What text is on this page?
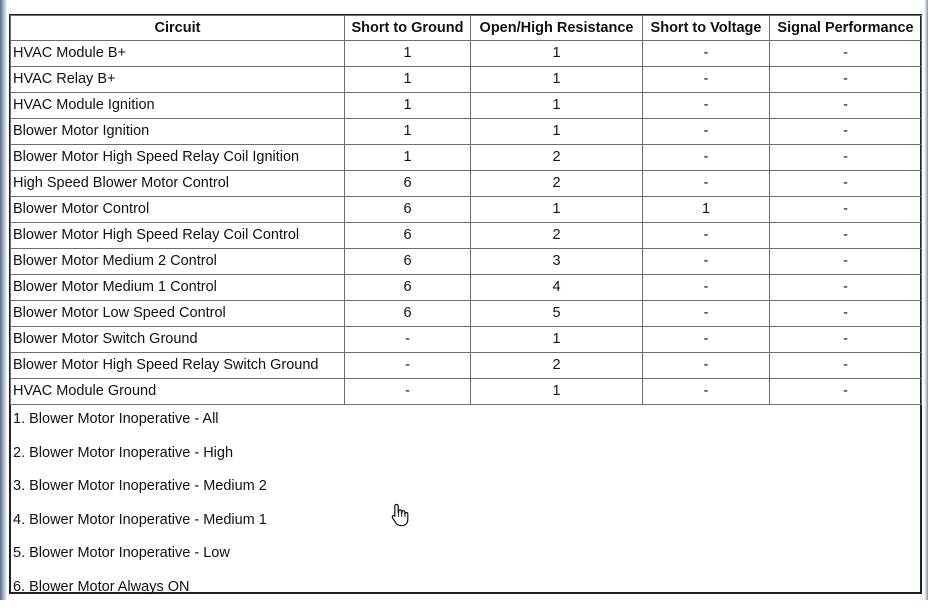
Circuit	Short to Ground	Open/High Resistance	Short to Voltage	Signal Performance
HVAC Module B+	1	1	-	-
HVAC Relay B+	1	1	-	-
HVAC Module Ignition	1	1	-	-
Blower Motor Ignition	1	1	-	-
Blower Motor High Speed Relay Coil Ignition	1	2	-	-
High Speed Blower Motor Control	6	2	-	-
Blower Motor Control	6	1	1	-
Blower Motor High Speed Relay Coil Control	6	2	-	-
Blower Motor Medium 2 Control	6	3	-	-
Blower Motor Medium 1 Control	6	4	-	-
Blower Motor Low Speed Control	6	5	-	-
Blower Motor Switch Ground	-	1	-	-
Blower Motor High Speed Relay Switch Ground	-	2	-	-
HVAC Module Ground	-	1	-	-
1. Blower Motor Inoperative - All
2. Blower Motor Inoperative - High
3. Blower Motor Inoperative - Medium 2
4. Blower Motor Inoperative - Medium 1
5. Blower Motor Inoperative - Low
6. Blower Motor Always ON
